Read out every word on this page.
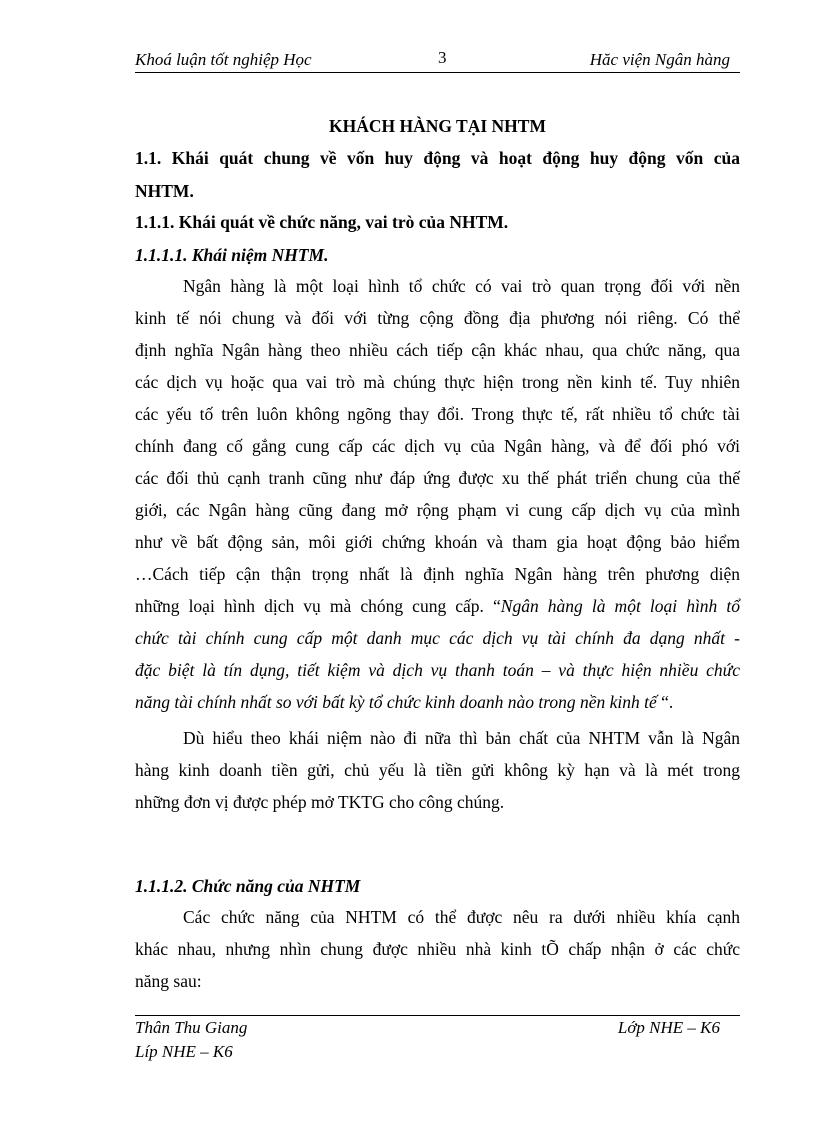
Khoá luận tốt nghiệp Học	3	Hăc viện Ngân hàng
KHÁCH HÀNG TẠI NHTM
1.1. Khái quát chung về vốn huy động và hoạt động huy động vốn của
NHTM.
1.1.1. Khái quát về chức năng, vai trò của NHTM.
1.1.1.1. Khái niệm NHTM.
Ngân hàng là một loại hình tổ chức có vai trò quan trọng đối với nền
kinh tế nói chung và đối với từng cộng đồng địa phương nói riêng. Có thể
định nghĩa Ngân hàng theo nhiều cách tiếp cận khác nhau, qua chức năng, qua
các dịch vụ hoặc qua vai trò mà chúng thực hiện trong nền kinh tế. Tuy nhiên
các yếu tố trên luôn không ngõng thay đổi. Trong thực tế, rất nhiều tổ chức tài
chính đang cố gắng cung cấp các dịch vụ của Ngân hàng, và để đối phó với
các đối thủ cạnh tranh cũng như đáp ứng được xu thế phát triển chung của thế
giới, các Ngân hàng cũng đang mở rộng phạm vi cung cấp dịch vụ của mình
như về bất động sản, môi giới chứng khoán và tham gia hoạt động bảo hiểm
…Cách tiếp cận thận trọng nhất là định nghĩa Ngân hàng trên phương diện
những loại hình dịch vụ mà chóng cung cấp. “Ngân hàng là một loại hình tổ
chức tài chính cung cấp một danh mục các dịch vụ tài chính đa dạng nhất -
đặc biệt là tín dụng, tiết kiệm và dịch vụ thanh toán – và thực hiện nhiều chức
năng tài chính nhất so với bất kỳ tổ chức kinh doanh nào trong nền kinh tế “.
Dù hiểu theo khái niệm nào đi nữa thì bản chất của NHTM vẫn là Ngân
hàng kinh doanh tiền gửi, chủ yếu là tiền gửi không kỳ hạn và là mét trong
những đơn vị được phép mở TKTG cho công chúng.
1.1.1.2. Chức năng của NHTM
Các chức năng của NHTM có thể được nêu ra dưới nhiều khía cạnh
khác nhau, nhưng nhìn chung được nhiều nhà kinh tÕ chấp nhận ở các chức
năng sau:
Thân Thu Giang	Lớp NHE – K6
Líp NHE – K6
